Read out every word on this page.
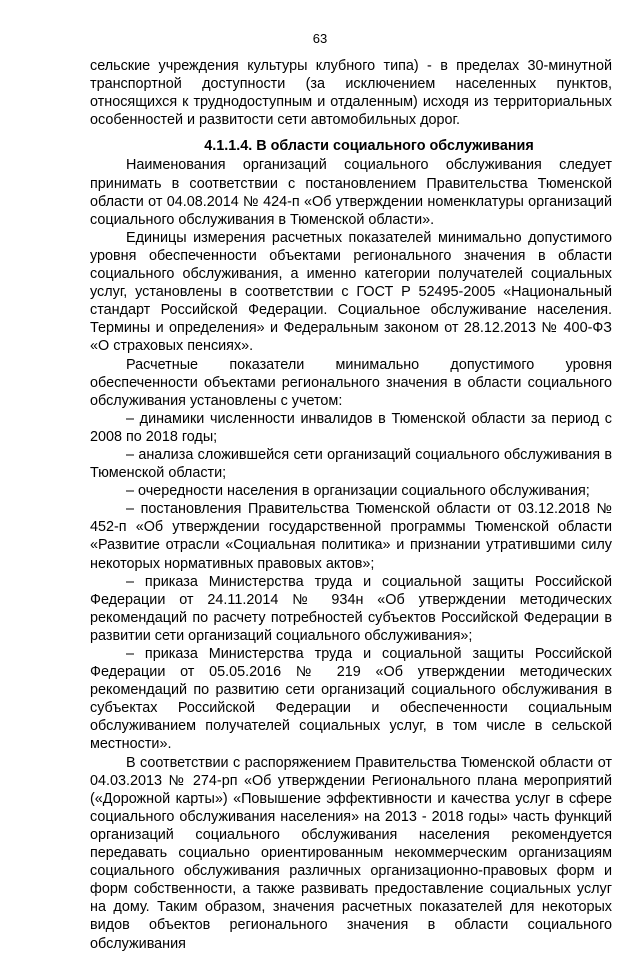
63

сельские учреждения культуры клубного типа) - в пределах 30-минутной транспортной доступности (за исключением населенных пунктов, относящихся к труднодоступным и отдаленным) исходя из территориальных особенностей и развитости сети автомобильных дорог.

4.1.1.4. В области социального обслуживания

Наименования организаций социального обслуживания следует принимать в соответствии с постановлением Правительства Тюменской области от 04.08.2014 № 424-п «Об утверждении номенклатуры организаций социального обслуживания в Тюменской области».

Единицы измерения расчетных показателей минимально допустимого уровня обеспеченности объектами регионального значения в области социального обслуживания, а именно категории получателей социальных услуг, установлены в соответствии с ГОСТ Р 52495-2005 «Национальный стандарт Российской Федерации. Социальное обслуживание населения. Термины и определения» и Федеральным законом от 28.12.2013 № 400-ФЗ «О страховых пенсиях».

Расчетные показатели минимально допустимого уровня обеспеченности объектами регионального значения в области социального обслуживания установлены с учетом:

– динамики численности инвалидов в Тюменской области за период с 2008 по 2018 годы;

– анализа сложившейся сети организаций социального обслуживания в Тюменской области;

– очередности населения в организации социального обслуживания;

– постановления Правительства Тюменской области от 03.12.2018 № 452-п «Об утверждении государственной программы Тюменской области «Развитие отрасли «Социальная политика» и признании утратившими силу некоторых нормативных правовых актов»;

– приказа Министерства труда и социальной защиты Российской Федерации от 24.11.2014 № 934н «Об утверждении методических рекомендаций по расчету потребностей субъектов Российской Федерации в развитии сети организаций социального обслуживания»;

– приказа Министерства труда и социальной защиты Российской Федерации от 05.05.2016 № 219 «Об утверждении методических рекомендаций по развитию сети организаций социального обслуживания в субъектах Российской Федерации и обеспеченности социальным обслуживанием получателей социальных услуг, в том числе в сельской местности».

В соответствии с распоряжением Правительства Тюменской области от 04.03.2013 № 274-рп «Об утверждении Регионального плана мероприятий («Дорожной карты») «Повышение эффективности и качества услуг в сфере социального обслуживания населения» на 2013 - 2018 годы» часть функций организаций социального обслуживания населения рекомендуется передавать социально ориентированным некоммерческим организациям социального обслуживания различных организационно-правовых форм и форм собственности, а также развивать предоставление социальных услуг на дому. Таким образом, значения расчетных показателей для некоторых видов объектов регионального значения в области социального обслуживания
